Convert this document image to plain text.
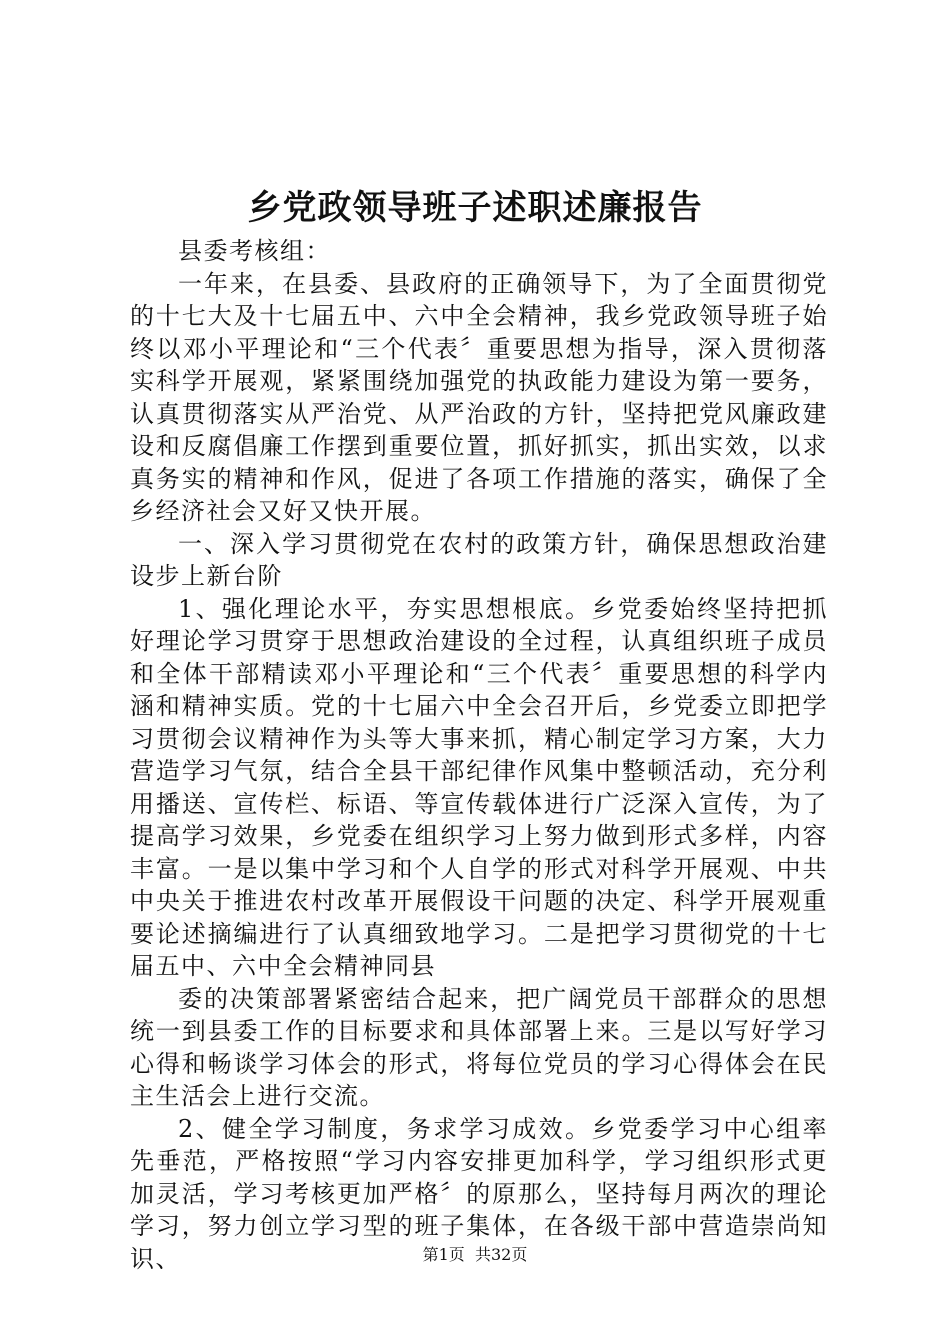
乡党政领导班子述职述廉报告

县委考核组：

一年来，在县委、县政府的正确领导下，为了全面贯彻党的十七大及十七届五中、六中全会精神，我乡党政领导班子始终以邓小平理论和“三个代表〞重要思想为指导，深入贯彻落实科学开展观，紧紧围绕加强党的执政能力建设为第一要务，认真贯彻落实从严治党、从严治政的方针，坚持把党风廉政建设和反腐倡廉工作摆到重要位置，抓好抓实，抓出实效，以求真务实的精神和作风，促进了各项工作措施的落实，确保了全乡经济社会又好又快开展。

一、深入学习贯彻党在农村的政策方针，确保思想政治建设步上新台阶

1、强化理论水平，夯实思想根底。乡党委始终坚持把抓好理论学习贯穿于思想政治建设的全过程，认真组织班子成员和全体干部精读邓小平理论和“三个代表〞重要思想的科学内涵和精神实质。党的十七届六中全会召开后，乡党委立即把学习贯彻会议精神作为头等大事来抓，精心制定学习方案，大力营造学习气氛，结合全县干部纪律作风集中整顿活动，充分利用播送、宣传栏、标语、等宣传载体进行广泛深入宣传，为了提高学习效果，乡党委在组织学习上努力做到形式多样，内容丰富。一是以集中学习和个人自学的形式对科学开展观、中共中央关于推进农村改革开展假设干问题的决定、科学开展观重要论述摘编进行了认真细致地学习。二是把学习贯彻党的十七届五中、六中全会精神同县

委的决策部署紧密结合起来，把广阔党员干部群众的思想统一到县委工作的目标要求和具体部署上来。三是以写好学习心得和畅谈学习体会的形式，将每位党员的学习心得体会在民主生活会上进行交流。

2、健全学习制度，务求学习成效。乡党委学习中心组率先垂范，严格按照“学习内容安排更加科学，学习组织形式更加灵活，学习考核更加严格〞的原那么，坚持每月两次的理论学习，努力创立学习型的班子集体，在各级干部中营造崇尚知识、	第1页 共32页
